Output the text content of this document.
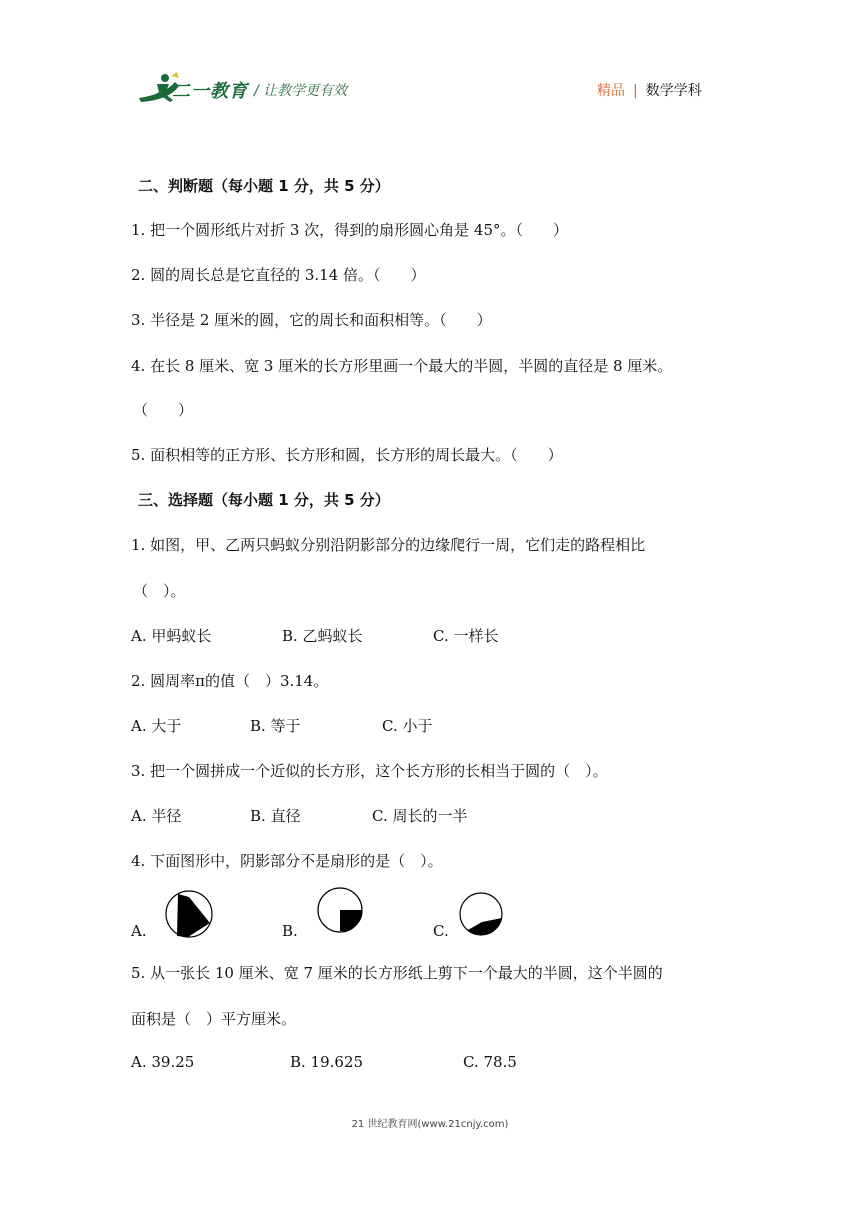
二一教育 / 让教学更有效	精品 | 数学学科
二、判断题（每小题 1 分，共 5 分）
1. 把一个圆形纸片对折 3 次，得到的扇形圆心角是 45°。（　　）
2. 圆的周长总是它直径的 3.14 倍。（　　）
3. 半径是 2 厘米的圆，它的周长和面积相等。（　　）
4. 在长 8 厘米、宽 3 厘米的长方形里画一个最大的半圆，半圆的直径是 8 厘米。
（　　）
5. 面积相等的正方形、长方形和圆，长方形的周长最大。（　　）
三、选择题（每小题 1 分，共 5 分）
1. 如图，甲、乙两只蚂蚁分别沿阴影部分的边缘爬行一周，它们走的路程相比
（　）。
A. 甲蚂蚁长	B. 乙蚂蚁长	C. 一样长
2. 圆周率π的值（　）3.14。
A. 大于	B. 等于	C. 小于
3. 把一个圆拼成一个近似的长方形，这个长方形的长相当于圆的（　）。
A. 半径	B. 直径	C. 周长的一半
4. 下面图形中，阴影部分不是扇形的是（　）。
A.	B.	C.
5. 从一张长 10 厘米、宽 7 厘米的长方形纸上剪下一个最大的半圆，这个半圆的
面积是（　）平方厘米。
A. 39.25	B. 19.625	C. 78.5
21 世纪教育网(www.21cnjy.com)
